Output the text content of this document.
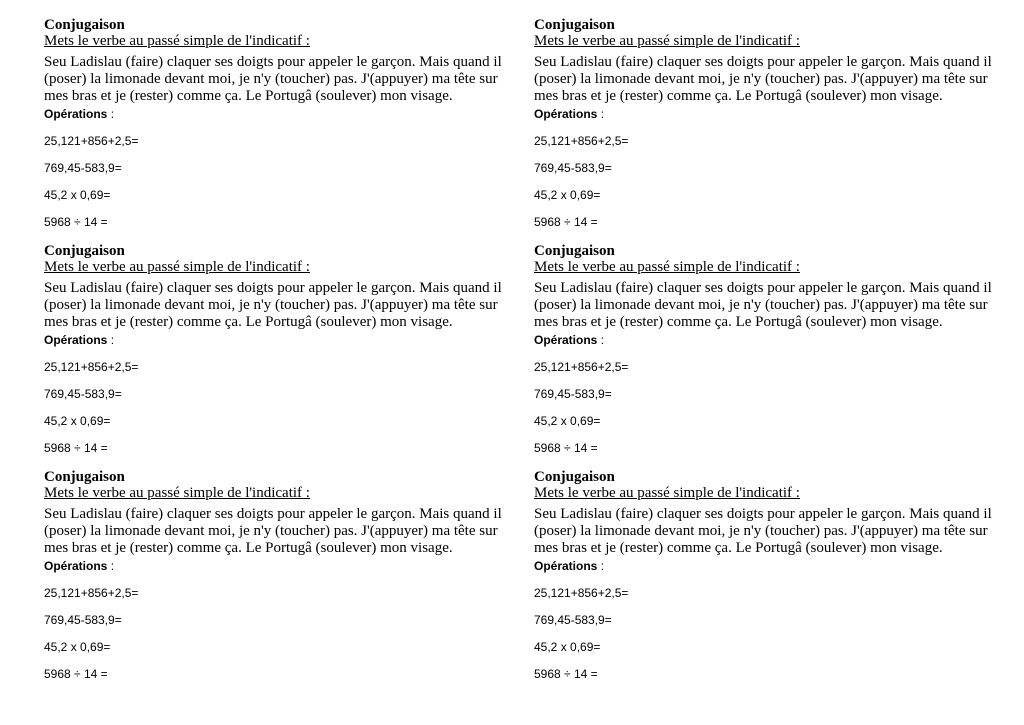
Conjugaison
Mets le verbe au passé simple de l'indicatif :
Seu Ladislau (faire) claquer ses doigts pour appeler le garçon. Mais quand il
(poser) la limonade devant moi, je n'y (toucher) pas. J'(appuyer) ma tête sur
mes bras et je (rester) comme ça. Le Portugâ (soulever) mon visage.
Opérations :
25,121+856+2,5=
769,45-583,9=
45,2 x 0,69=
5968 ÷ 14 =
Conjugaison
Mets le verbe au passé simple de l'indicatif :
Seu Ladislau (faire) claquer ses doigts pour appeler le garçon. Mais quand il
(poser) la limonade devant moi, je n'y (toucher) pas. J'(appuyer) ma tête sur
mes bras et je (rester) comme ça. Le Portugâ (soulever) mon visage.
Opérations :
25,121+856+2,5=
769,45-583,9=
45,2 x 0,69=
5968 ÷ 14 =
Conjugaison
Mets le verbe au passé simple de l'indicatif :
Seu Ladislau (faire) claquer ses doigts pour appeler le garçon. Mais quand il
(poser) la limonade devant moi, je n'y (toucher) pas. J'(appuyer) ma tête sur
mes bras et je (rester) comme ça. Le Portugâ (soulever) mon visage.
Opérations :
25,121+856+2,5=
769,45-583,9=
45,2 x 0,69=
5968 ÷ 14 =
Conjugaison
Mets le verbe au passé simple de l'indicatif :
Seu Ladislau (faire) claquer ses doigts pour appeler le garçon. Mais quand il
(poser) la limonade devant moi, je n'y (toucher) pas. J'(appuyer) ma tête sur
mes bras et je (rester) comme ça. Le Portugâ (soulever) mon visage.
Opérations :
25,121+856+2,5=
769,45-583,9=
45,2 x 0,69=
5968 ÷ 14 =
Conjugaison
Mets le verbe au passé simple de l'indicatif :
Seu Ladislau (faire) claquer ses doigts pour appeler le garçon. Mais quand il
(poser) la limonade devant moi, je n'y (toucher) pas. J'(appuyer) ma tête sur
mes bras et je (rester) comme ça. Le Portugâ (soulever) mon visage.
Opérations :
25,121+856+2,5=
769,45-583,9=
45,2 x 0,69=
5968 ÷ 14 =
Conjugaison
Mets le verbe au passé simple de l'indicatif :
Seu Ladislau (faire) claquer ses doigts pour appeler le garçon. Mais quand il
(poser) la limonade devant moi, je n'y (toucher) pas. J'(appuyer) ma tête sur
mes bras et je (rester) comme ça. Le Portugâ (soulever) mon visage.
Opérations :
25,121+856+2,5=
769,45-583,9=
45,2 x 0,69=
5968 ÷ 14 =
